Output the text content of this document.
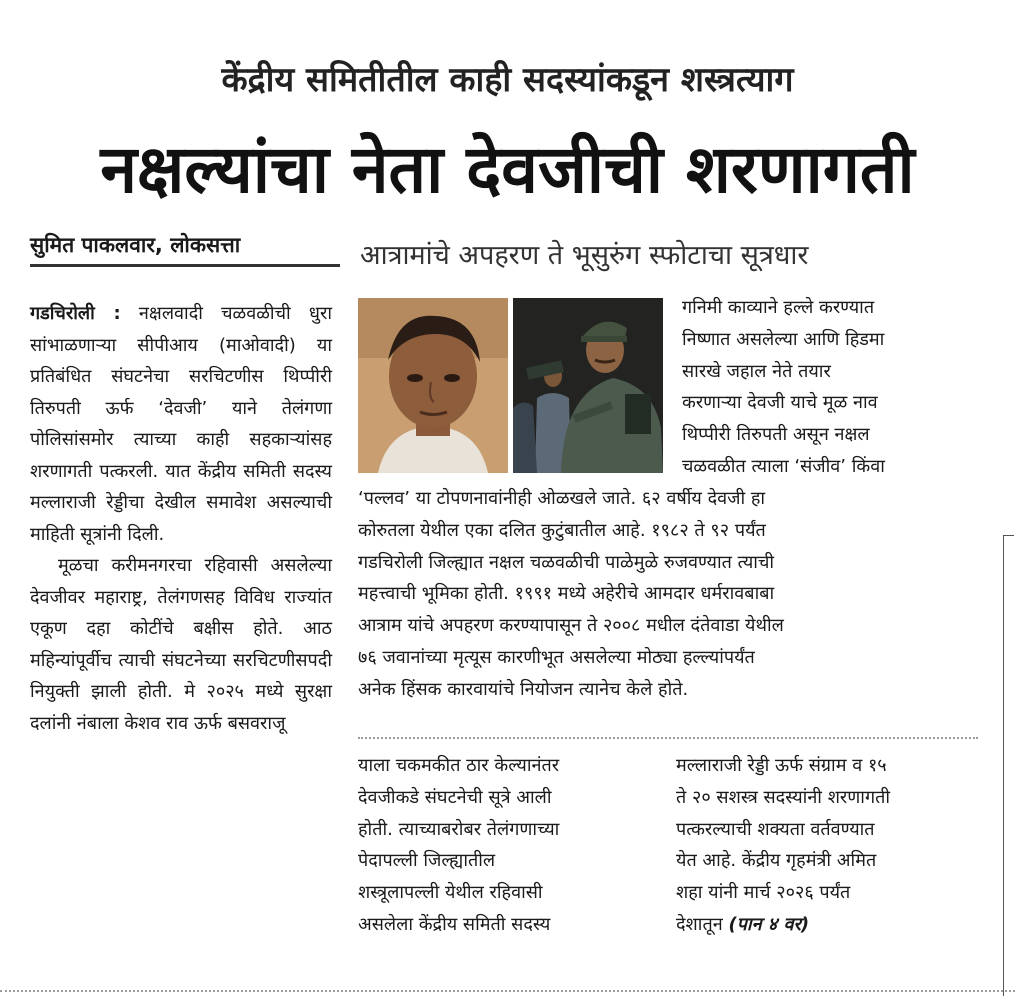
केंद्रीय समितीतील काही सदस्यांकडून शस्त्रत्याग
नक्षल्यांचा नेता देवजीची शरणागती
सुमित पाकलवार, लोकसत्ता	आत्रामांचे अपहरण ते भूसुरुंग स्फोटाचा सूत्रधार

गडचिरोली : नक्षलवादी चळवळीची धुरा सांभाळणाऱ्या सीपीआय (माओवादी) या प्रतिबंधित संघटनेचा सरचिटणीस थिप्पीरी तिरुपती ऊर्फ ‘देवजी’ याने तेलंगणा पोलिसांसमोर त्याच्या काही सहकाऱ्यांसह शरणागती पत्करली. यात केंद्रीय समिती सदस्य मल्लाराजी रेड्डीचा देखील समावेश असल्याची माहिती सूत्रांनी दिली.

मूळचा करीमनगरचा रहिवासी असलेल्या देवजीवर महाराष्ट्र, तेलंगणसह विविध राज्यांत एकूण दहा कोटींचे बक्षीस होते. आठ महिन्यांपूर्वीच त्याची संघटनेच्या सरचिटणीसपदी नियुक्ती झाली होती. मे २०२५ मध्ये सुरक्षा दलांनी नंबाला केशव राव ऊर्फ बसवराजू

गनिमी काव्याने हल्ले करण्यात
निष्णात असलेल्या आणि हिडमा
सारखे जहाल नेते तयार
करणाऱ्या देवजी याचे मूळ नाव
थिप्पीरी तिरुपती असून नक्षल
चळवळीत त्याला ‘संजीव’ किंवा
‘पल्लव’ या टोपणनावांनीही ओळखले जाते. ६२ वर्षीय देवजी हा
कोरुतला येथील एका दलित कुटुंबातील आहे. १९८२ ते ९२ पर्यंत
गडचिरोली जिल्ह्यात नक्षल चळवळीची पाळेमुळे रुजवण्यात त्याची
महत्त्वाची भूमिका होती. १९९१ मध्ये अहेरीचे आमदार धर्मरावबाबा
आत्राम यांचे अपहरण करण्यापासून ते २००८ मधील दंतेवाडा येथील
७६ जवानांच्या मृत्यूस कारणीभूत असलेल्या मोठ्या हल्ल्यांपर्यंत
अनेक हिंसक कारवायांचे नियोजन त्यानेच केले होते.
याला चकमकीत ठार केल्यानंतर
देवजीकडे संघटनेची सूत्रे आली
होती. त्याच्याबरोबर तेलंगणाच्या
पेदापल्ली जिल्ह्यातील
शस्त्रूलापल्ली येथील रहिवासी
असलेला केंद्रीय समिती सदस्य
मल्लाराजी रेड्डी ऊर्फ संग्राम व १५
ते २० सशस्त्र सदस्यांनी शरणागती
पत्करल्याची शक्यता वर्तवण्यात
येत आहे. केंद्रीय गृहमंत्री अमित
शहा यांनी मार्च २०२६ पर्यंत
देशातून (पान ४ वर)
